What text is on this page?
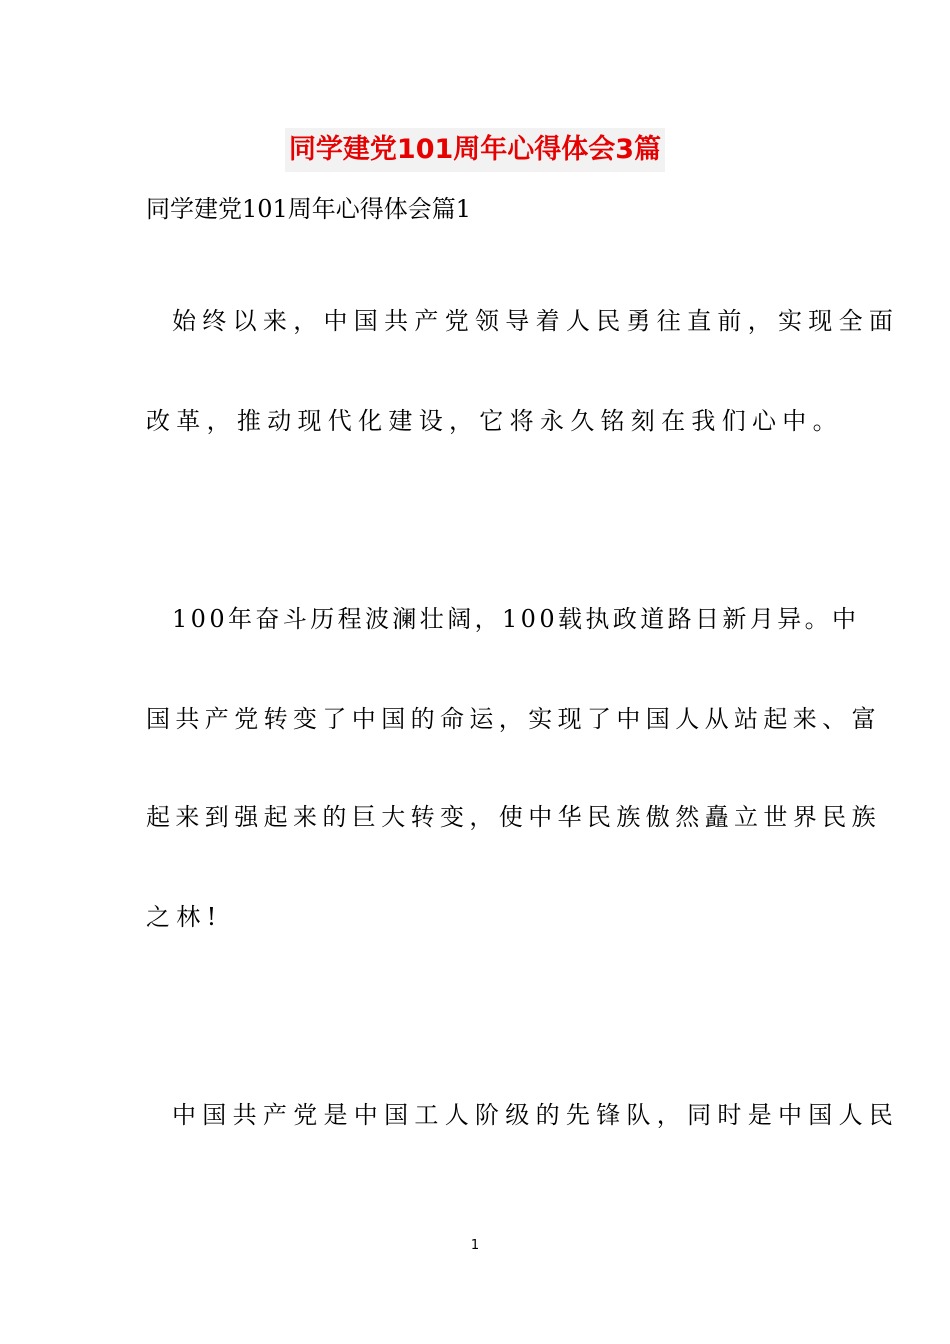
同学建党101周年心得体会3篇
同学建党101周年心得体会篇1
始终以来，中国共产党领导着人民勇往直前，实现全面
改革，推动现代化建设，它将永久铭刻在我们心中。
100年奋斗历程波澜壮阔，100载执政道路日新月异。中
国共产党转变了中国的命运，实现了中国人从站起来、富
起来到强起来的巨大转变，使中华民族傲然矗立世界民族
之林!
中国共产党是中国工人阶级的先锋队，同时是中国人民
1
